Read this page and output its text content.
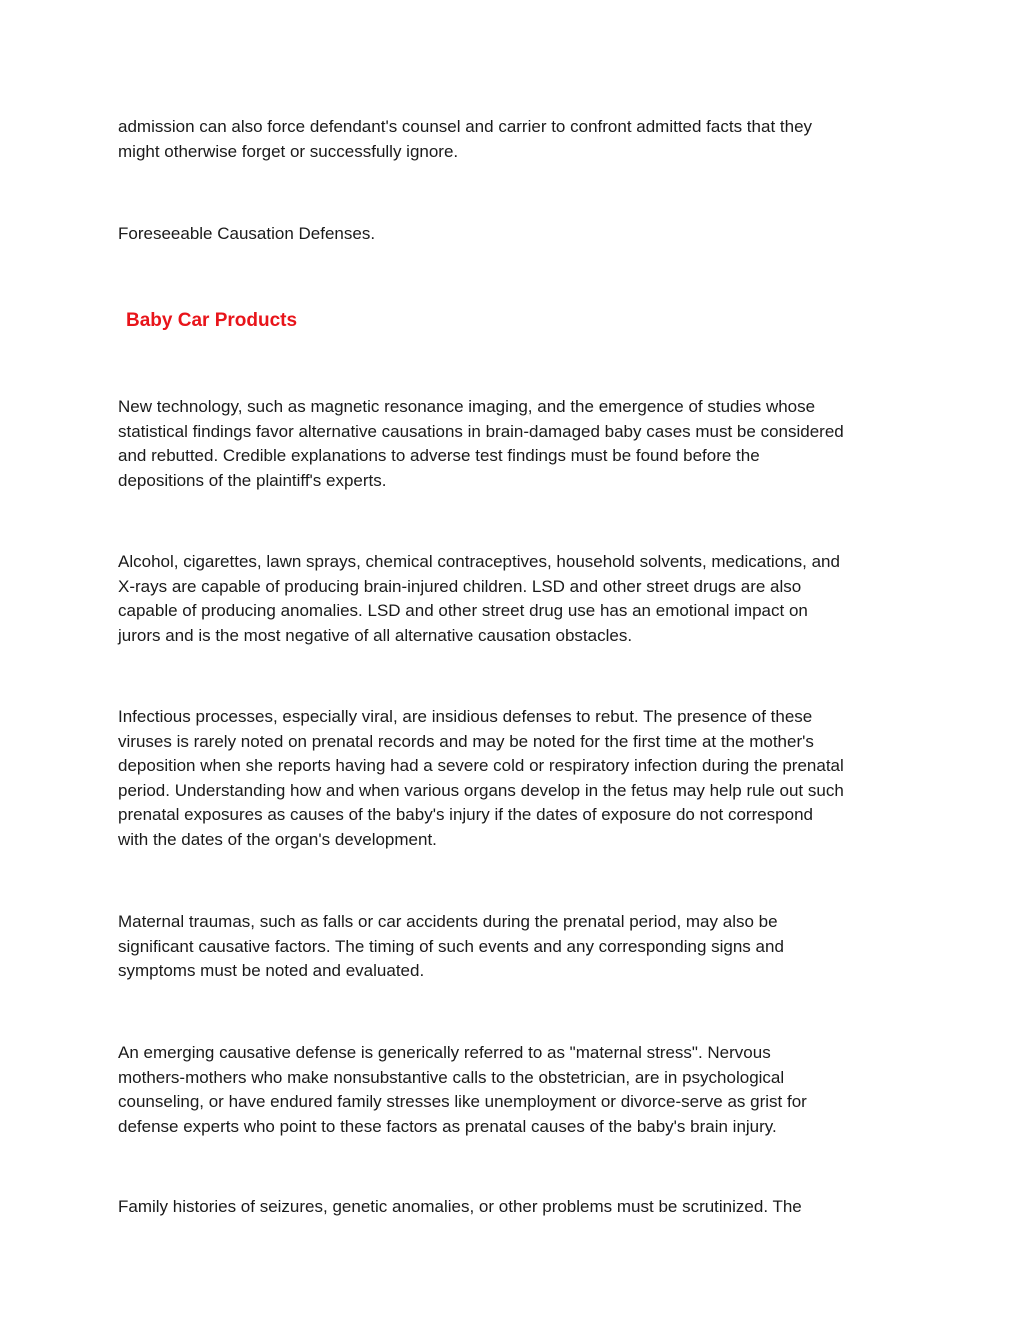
admission can also force defendant's counsel and carrier to confront admitted facts that they
might otherwise forget or successfully ignore.

Foreseeable Causation Defenses.

Baby Car Products

New technology, such as magnetic resonance imaging, and the emergence of studies whose
statistical findings favor alternative causations in brain-damaged baby cases must be considered
and rebutted. Credible explanations to adverse test findings must be found before the
depositions of the plaintiff's experts.

Alcohol, cigarettes, lawn sprays, chemical contraceptives, household solvents, medications, and
X-rays are capable of producing brain-injured children. LSD and other street drugs are also
capable of producing anomalies. LSD and other street drug use has an emotional impact on
jurors and is the most negative of all alternative causation obstacles.

Infectious processes, especially viral, are insidious defenses to rebut. The presence of these
viruses is rarely noted on prenatal records and may be noted for the first time at the mother's
deposition when she reports having had a severe cold or respiratory infection during the prenatal
period. Understanding how and when various organs develop in the fetus may help rule out such
prenatal exposures as causes of the baby's injury if the dates of exposure do not correspond
with the dates of the organ's development.

Maternal traumas, such as falls or car accidents during the prenatal period, may also be
significant causative factors. The timing of such events and any corresponding signs and
symptoms must be noted and evaluated.

An emerging causative defense is generically referred to as "maternal stress". Nervous
mothers-mothers who make nonsubstantive calls to the obstetrician, are in psychological
counseling, or have endured family stresses like unemployment or divorce-serve as grist for
defense experts who point to these factors as prenatal causes of the baby's brain injury.

Family histories of seizures, genetic anomalies, or other problems must be scrutinized. The
